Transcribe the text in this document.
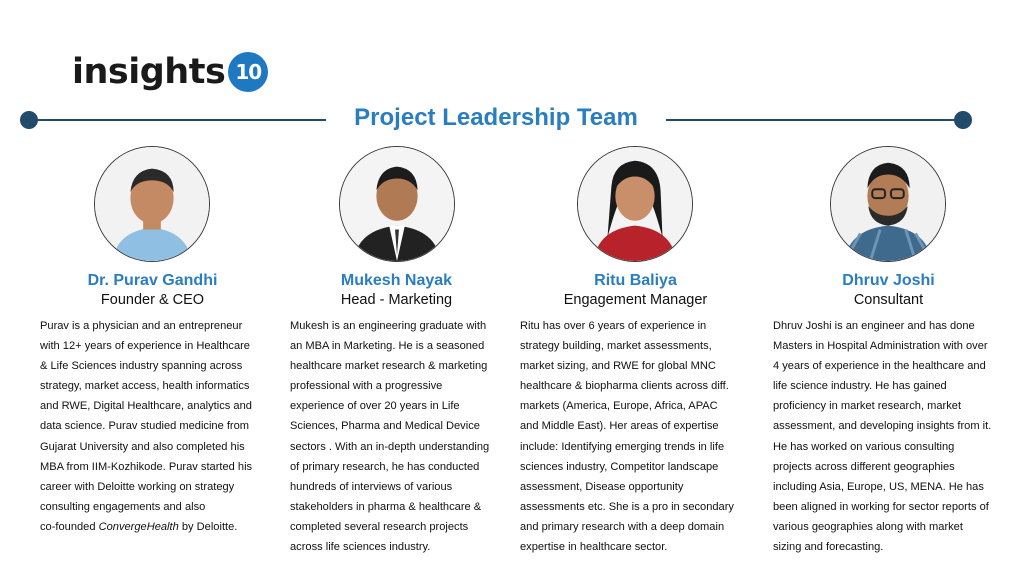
insights 10
Project Leadership Team
Dr. Purav Gandhi
Founder & CEO
Purav is a physician and an entrepreneur
with 12+ years of experience in Healthcare
& Life Sciences industry spanning across
strategy, market access, health informatics
and RWE, Digital Healthcare, analytics and
data science. Purav studied medicine from
Gujarat University and also completed his
MBA from IIM-Kozhikode. Purav started his
career with Deloitte working on strategy
consulting engagements and also
co-founded ConvergeHealth by Deloitte.
Mukesh Nayak
Head - Marketing
Mukesh is an engineering graduate with
an MBA in Marketing. He is a seasoned
healthcare market research & marketing
professional with a progressive
experience of over 20 years in Life
Sciences, Pharma and Medical Device
sectors . With an in-depth understanding
of primary research, he has conducted
hundreds of interviews of various
stakeholders in pharma & healthcare &
completed several research projects
across life sciences industry.
Ritu Baliya
Engagement Manager
Ritu has over 6 years of experience in
strategy building, market assessments,
market sizing, and RWE for global MNC
healthcare & biopharma clients across diff.
markets (America, Europe, Africa, APAC
and Middle East). Her areas of expertise
include: Identifying emerging trends in life
sciences industry, Competitor landscape
assessment, Disease opportunity
assessments etc. She is a pro in secondary
and primary research with a deep domain
expertise in healthcare sector.
Dhruv Joshi
Consultant
Dhruv Joshi is an engineer and has done
Masters in Hospital Administration with over
4 years of experience in the healthcare and
life science industry. He has gained
proficiency in market research, market
assessment, and developing insights from it.
He has worked on various consulting
projects across different geographies
including Asia, Europe, US, MENA. He has
been aligned in working for sector reports of
various geographies along with market
sizing and forecasting.
